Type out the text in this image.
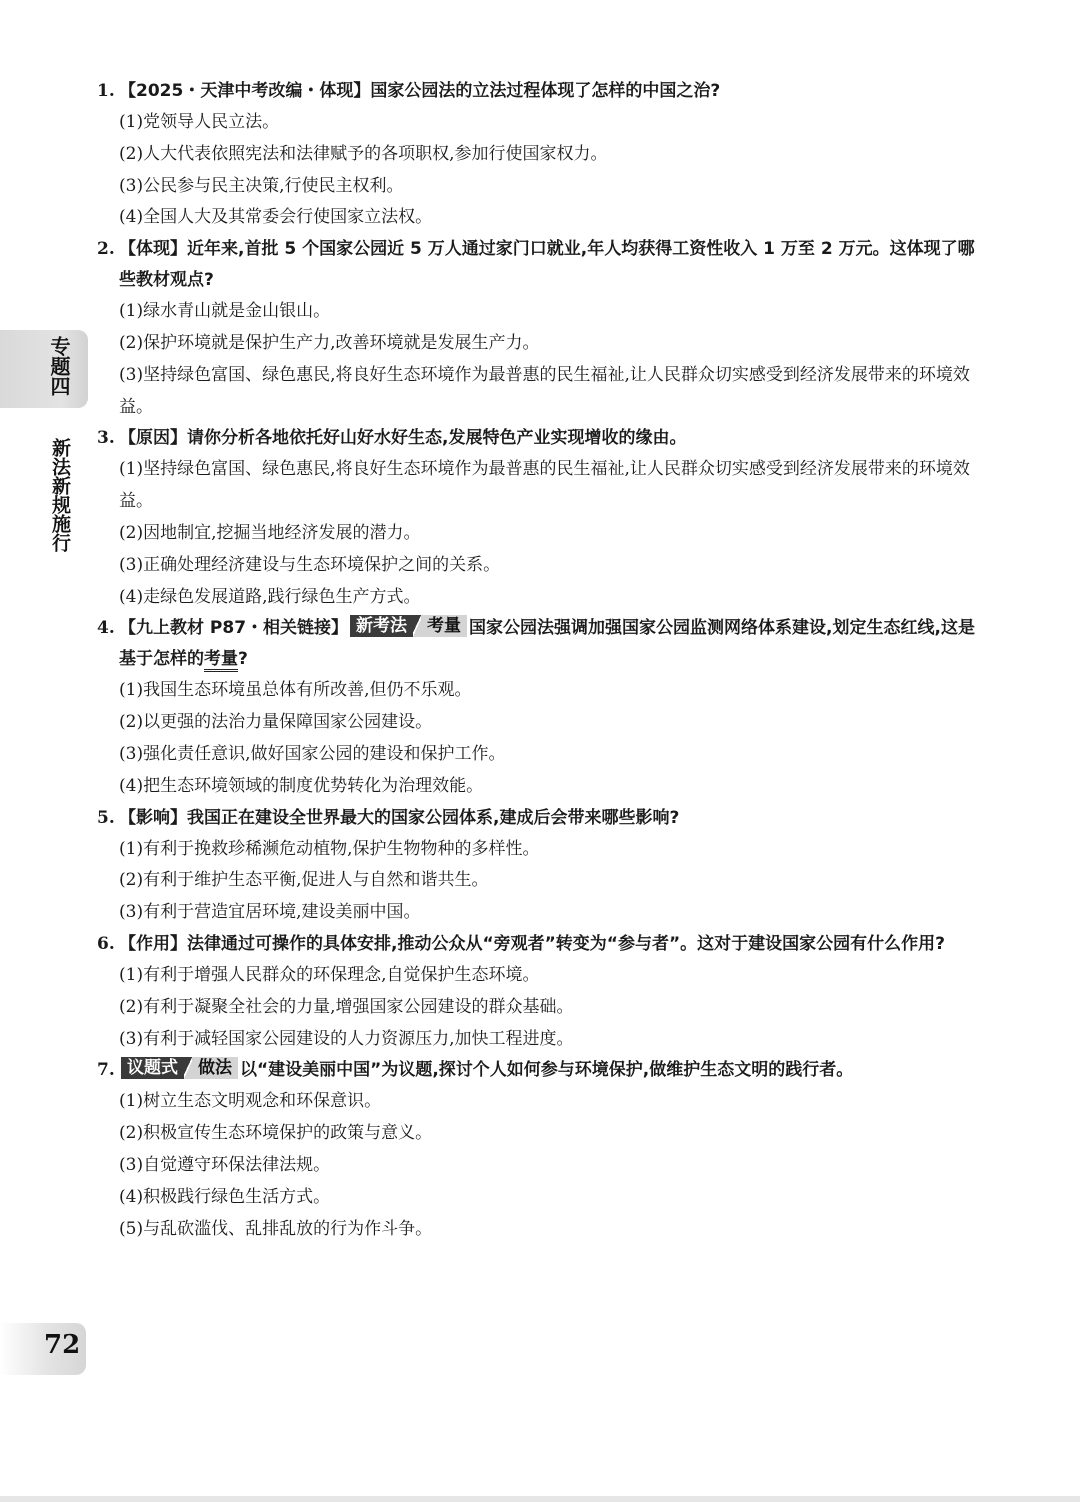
专题四
新法新规施行
72

1. 【2025・天津中考改编・体现】国家公园法的立法过程体现了怎样的中国之治?

(1)党领导人民立法。

(2)人大代表依照宪法和法律赋予的各项职权,参加行使国家权力。

(3)公民参与民主决策,行使民主权利。

(4)全国人大及其常委会行使国家立法权。

2. 【体现】近年来,首批 5 个国家公园近 5 万人通过家门口就业,年人均获得工资性收入 1 万至 2 万元。这体现了哪些教材观点?

(1)绿水青山就是金山银山。

(2)保护环境就是保护生产力,改善环境就是发展生产力。

(3)坚持绿色富国、绿色惠民,将良好生态环境作为最普惠的民生福祉,让人民群众切实感受到经济发展带来的环境效益。

3. 【原因】请你分析各地依托好山好水好生态,发展特色产业实现增收的缘由。

(1)坚持绿色富国、绿色惠民,将良好生态环境作为最普惠的民生福祉,让人民群众切实感受到经济发展带来的环境效益。

(2)因地制宜,挖掘当地经济发展的潜力。

(3)正确处理经济建设与生态环境保护之间的关系。

(4)走绿色发展道路,践行绿色生产方式。

4. 【九上教材 P87・相关链接】 新考法	考量 国家公园法强调加强国家公园监测网络体系建设,划定生态红线,这是基于怎样的考量?

(1)我国生态环境虽总体有所改善,但仍不乐观。

(2)以更强的法治力量保障国家公园建设。

(3)强化责任意识,做好国家公园的建设和保护工作。

(4)把生态环境领域的制度优势转化为治理效能。

5. 【影响】我国正在建设全世界最大的国家公园体系,建成后会带来哪些影响?

(1)有利于挽救珍稀濒危动植物,保护生物物种的多样性。

(2)有利于维护生态平衡,促进人与自然和谐共生。

(3)有利于营造宜居环境,建设美丽中国。

6. 【作用】法律通过可操作的具体安排,推动公众从“旁观者”转变为“参与者”。这对于建设国家公园有什么作用?

(1)有利于增强人民群众的环保理念,自觉保护生态环境。

(2)有利于凝聚全社会的力量,增强国家公园建设的群众基础。

(3)有利于减轻国家公园建设的人力资源压力,加快工程进度。

7. 议题式	做法 以“建设美丽中国”为议题,探讨个人如何参与环境保护,做维护生态文明的践行者。

(1)树立生态文明观念和环保意识。

(2)积极宣传生态环境保护的政策与意义。

(3)自觉遵守环保法律法规。

(4)积极践行绿色生活方式。

(5)与乱砍滥伐、乱排乱放的行为作斗争。
